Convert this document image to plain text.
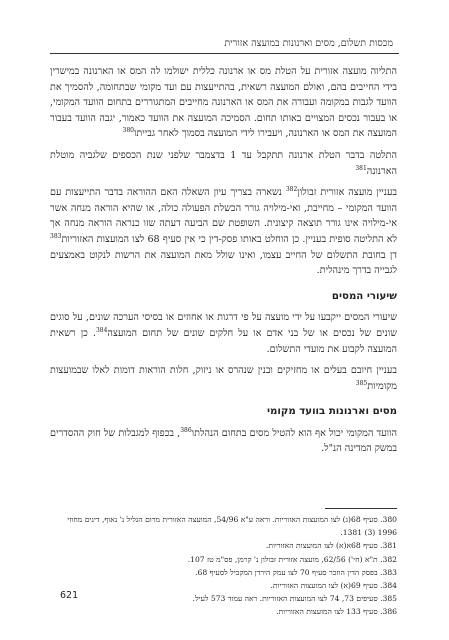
מכסות תשלום, מסים וארנונות במועצה אזורית

התליוה מועצה אזורית על הטלת מס או ארנונה כללית ישולמו לה המס או הארנונה במישרין בידי החייבים בהם, ואולם המועצה רשאית, בהתייעצות עם ועד מקומי שבתחומה, להסמיך את הוועד לגבות במקומה ועבורה את המס או הארנונה מחייבים המתגוררים בתחום הוועד המקומי, או בעבור נכסים המצויים באותו תחום. הסמיכה המועצה את הוועד כאמור, יגבה הוועד בעבור המועצה את המס או הארנונה, ויעבירו לידי המועצה בסמוך לאחר גבייתו$^{380}$

התלטה בדבר הטלת ארנונה תתקבל עד 1 בדצמבר שלפני שנת הכספים שלגביה מוטלת הארנונה$^{381}$

בעניין מועצה אזורית זבולון$^{382}$ נשארה בצריך עיון השאלה האם ההוראה בדבר התייעצות עם הוועד המקומי – מחייבת, ואי-מילויה גורר הכשלת הפעולה כולה, או שהיא הוראה מנחה אשר אי-מילויה אינו גורר תוצאה קיצונית. השופטת שם הביעה דעתה שזו כנראה הוראה מנחה אך לא התליטה סופית בעניין. כן הוחלט באותו פסק-דין כי אין סעיף 68 לצו המועצות האזוריות$^{383}$ דן בחובת התשלום של החייב עצמו, ואינו שולל מאת המועצה את הרשות לנקוט באמצעים לגבייה בדרך מינהלית.

שיעורי המסים

שיעורי המסים ייקבעו על ידי מועצה על פי דרגות או אחוזים או בסיסי הערכה שונים, על סוגים שונים של נכסים או של בני אדם או על חלקים שונים של תחום המועצה$^{384}$. כן רשאית המועצה לקבוע את מועדי התשלום.

בעניין חיובם בעלים או מחזיקים ובנין שנהרס או ניזוק, חלות הוראות דומות לאלו שבמועצות מקומיות$^{385}$

מסים וארנונות בוועד מקומי

הוועד המקומי יכול אף הוא להטיל מסים בתחום הנהלתו$^{386}$, בכפוף למגבלות של חוק ההסדרים במשק המדינה הנ"ל.

380. סעיף 68(ג) לצו המועצות האזוריות. וראה ע"א 54/96, המועצה האזורית מרום הגליל נ' נאוף, דינים מחוזי 1996 (3) 1381.
381. סעיף 68א(א) לצו המועצות האזוריות.
382. ת"א (חי') 62/56, מועצה אזורית זבולון נ' קרמן, פס"מ טז 107.
383. בפסק הדין הוזכר סעיף 70 לצו עמק הירדן המקביל לסעיף 68.
384. סעיף 69(א) לצו המועצות האזוריות.
385. סעיפים 73, 74 לצו המועצות האזוריות. ראה עמוד 573 לעיל.
386. סעיף 133 לצו המועצות האזוריות.
621
